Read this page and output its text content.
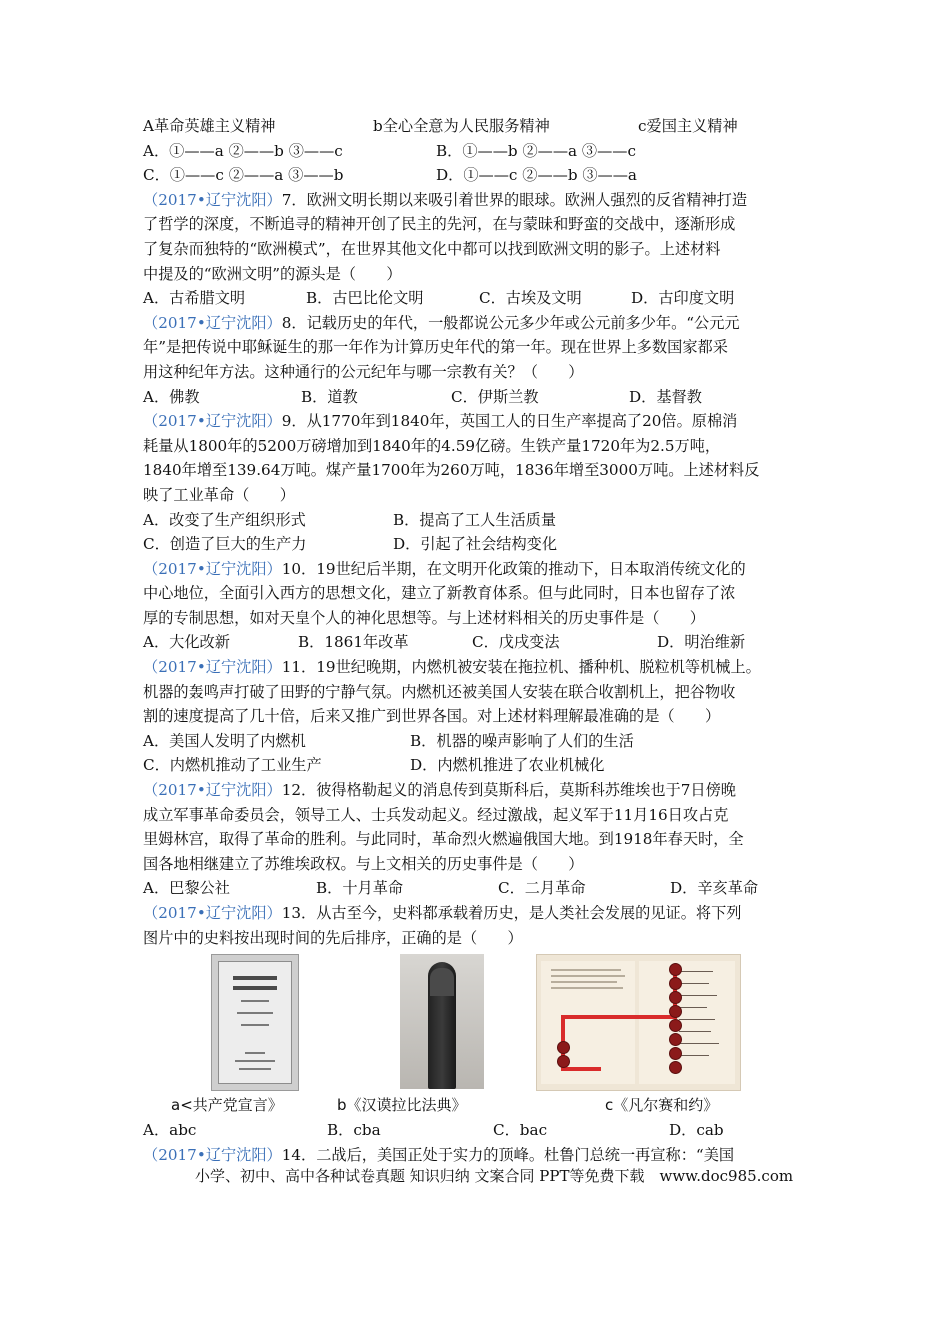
A革命英雄主义精神	b全心全意为人民服务精神	c爱国主义精神
A．①——a ②——b ③——c	B．①——b ②——a ③——c
C．①——c ②——a ③——b	D．①——c ②——b ③——a
（2017•辽宁沈阳）7．欧洲文明长期以来吸引着世界的眼球。欧洲人强烈的反省精神打造
了哲学的深度，不断追寻的精神开创了民主的先河，在与蒙昧和野蛮的交战中，逐渐形成
了复杂而独特的“欧洲模式”，在世界其他文化中都可以找到欧洲文明的影子。上述材料
中提及的“欧洲文明”的源头是（　　）
A．古希腊文明	B．古巴比伦文明	C．古埃及文明	D．古印度文明
（2017•辽宁沈阳）8．记载历史的年代，一般都说公元多少年或公元前多少年。“公元元
年”是把传说中耶稣诞生的那一年作为计算历史年代的第一年。现在世界上多数国家都采
用这种纪年方法。这种通行的公元纪年与哪一宗教有关？（　　）
A．佛教	B．道教	C．伊斯兰教	D．基督教
（2017•辽宁沈阳）9．从1770年到1840年，英国工人的日生产率提高了20倍。原棉消
耗量从1800年的5200万磅增加到1840年的4.59亿磅。生铁产量1720年为2.5万吨，
1840年增至139.64万吨。煤产量1700年为260万吨，1836年增至3000万吨。上述材料反
映了工业革命（　　）
A．改变了生产组织形式	B．提高了工人生活质量
C．创造了巨大的生产力	D．引起了社会结构变化
（2017•辽宁沈阳）10．19世纪后半期，在文明开化政策的推动下，日本取消传统文化的
中心地位，全面引入西方的思想文化，建立了新教育体系。但与此同时，日本也留存了浓
厚的专制思想，如对天皇个人的神化思想等。与上述材料相关的历史事件是（　　）
A．大化改新	B．1861年改革	C．戊戌变法	D．明治维新
（2017•辽宁沈阳）11．19世纪晚期，内燃机被安装在拖拉机、播种机、脱粒机等机械上。
机器的轰鸣声打破了田野的宁静气氛。内燃机还被美国人安装在联合收割机上，把谷物收
割的速度提高了几十倍，后来又推广到世界各国。对上述材料理解最准确的是（　　）
A．美国人发明了内燃机	B．机器的噪声影响了人们的生活
C．内燃机推动了工业生产	D．内燃机推进了农业机械化
（2017•辽宁沈阳）12．彼得格勒起义的消息传到莫斯科后，莫斯科苏维埃也于7日傍晚
成立军事革命委员会，领导工人、士兵发动起义。经过激战，起义军于11月16日攻占克
里姆林宫，取得了革命的胜利。与此同时，革命烈火燃遍俄国大地。到1918年春天时，全
国各地相继建立了苏维埃政权。与上文相关的历史事件是（　　）
A．巴黎公社	B．十月革命	C．二月革命	D．辛亥革命
（2017•辽宁沈阳）13．从古至今，史料都承载着历史，是人类社会发展的见证。将下列
图片中的史料按出现时间的先后排序，正确的是（　　）
a<共产党宣言》	b《汉谟拉比法典》	c《凡尔赛和约》
A．abc	B．cba	C．bac	D．cab
（2017•辽宁沈阳）14．二战后，美国正处于实力的顶峰。杜鲁门总统一再宣称：“美国
小学、初中、高中各种试卷真题 知识归纳 文案合同 PPT等免费下载　www.doc985.com
